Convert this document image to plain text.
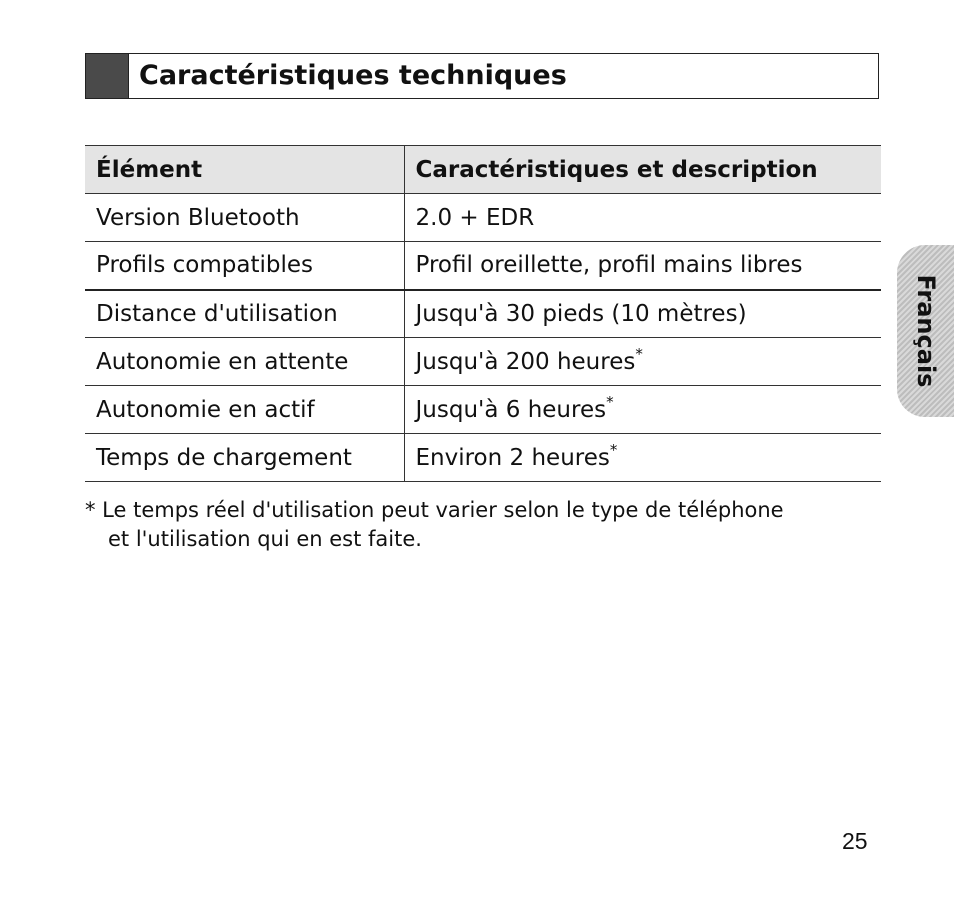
Caractéristiques techniques
Élément	Caractéristiques et description
Version Bluetooth	2.0 + EDR
Profils compatibles	Profil oreillette, profil mains libres
Distance d'utilisation	Jusqu'à 30 pieds (10 mètres)
Autonomie en attente	Jusqu'à 200 heures*
Autonomie en actif	Jusqu'à 6 heures*
Temps de chargement	Environ 2 heures*
* Le temps réel d'utilisation peut varier selon le type de téléphone
et l'utilisation qui en est faite.
Français
25
